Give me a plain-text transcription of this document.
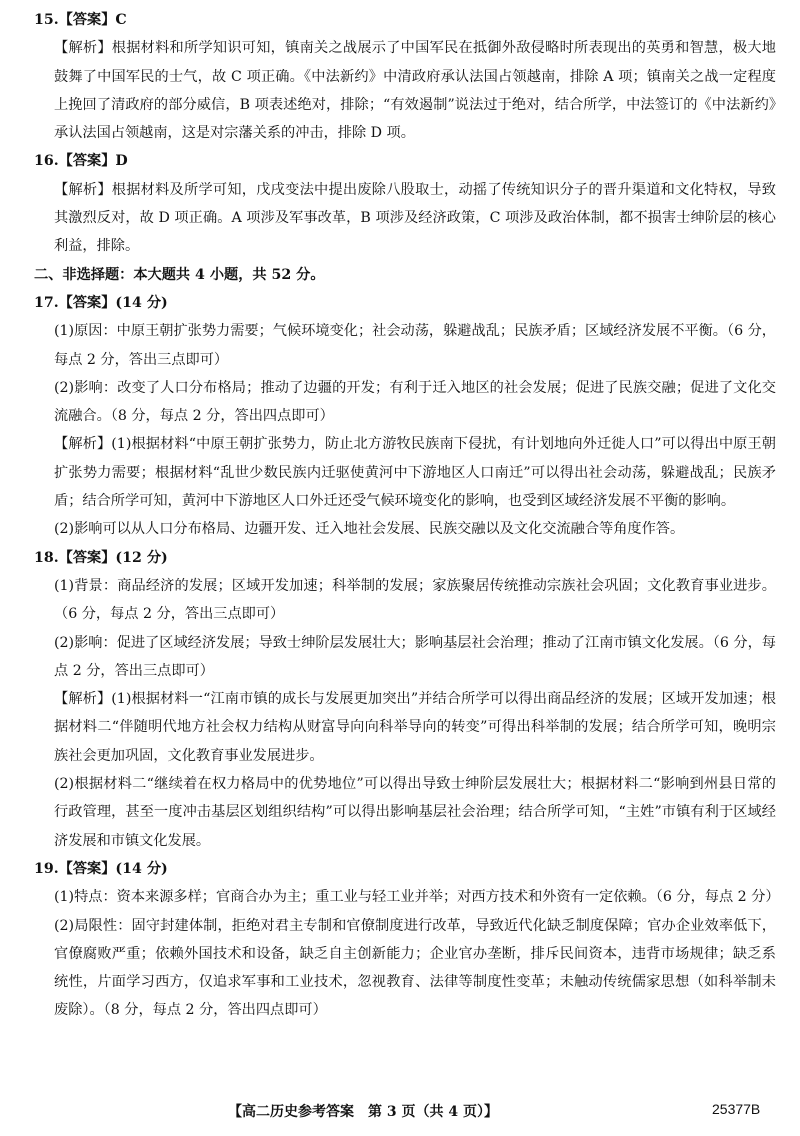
15.【答案】C

【解析】根据材料和所学知识可知，镇南关之战展示了中国军民在抵御外敌侵略时所表现出的英勇和智慧，极大地鼓舞了中国军民的士气，故 C 项正确。《中法新约》中清政府承认法国占领越南，排除 A 项；镇南关之战一定程度上挽回了清政府的部分威信，B 项表述绝对，排除；“有效遏制”说法过于绝对，结合所学，中法签订的《中法新约》承认法国占领越南，这是对宗藩关系的冲击，排除 D 项。

16.【答案】D

【解析】根据材料及所学可知，戊戌变法中提出废除八股取士，动摇了传统知识分子的晋升渠道和文化特权，导致其激烈反对，故 D 项正确。A 项涉及军事改革，B 项涉及经济政策，C 项涉及政治体制，都不损害士绅阶层的核心利益，排除。

二、非选择题：本大题共 4 小题，共 52 分。

17.【答案】(14 分)

(1)原因：中原王朝扩张势力需要；气候环境变化；社会动荡，躲避战乱；民族矛盾；区域经济发展不平衡。（6 分，每点 2 分，答出三点即可）

(2)影响：改变了人口分布格局；推动了边疆的开发；有利于迁入地区的社会发展；促进了民族交融；促进了文化交流融合。（8 分，每点 2 分，答出四点即可）

【解析】(1)根据材料“中原王朝扩张势力，防止北方游牧民族南下侵扰，有计划地向外迁徙人口”可以得出中原王朝扩张势力需要；根据材料“乱世少数民族内迁驱使黄河中下游地区人口南迁”可以得出社会动荡，躲避战乱；民族矛盾；结合所学可知，黄河中下游地区人口外迁还受气候环境变化的影响，也受到区域经济发展不平衡的影响。

(2)影响可以从人口分布格局、边疆开发、迁入地社会发展、民族交融以及文化交流融合等角度作答。

18.【答案】(12 分)

(1)背景：商品经济的发展；区域开发加速；科举制的发展；家族聚居传统推动宗族社会巩固；文化教育事业进步。（6 分，每点 2 分，答出三点即可）

(2)影响：促进了区域经济发展；导致士绅阶层发展壮大；影响基层社会治理；推动了江南市镇文化发展。（6 分，每点 2 分，答出三点即可）

【解析】(1)根据材料一“江南市镇的成长与发展更加突出”并结合所学可以得出商品经济的发展；区域开发加速；根据材料二“伴随明代地方社会权力结构从财富导向向科举导向的转变”可得出科举制的发展；结合所学可知，晚明宗族社会更加巩固，文化教育事业发展进步。

(2)根据材料二“继续着在权力格局中的优势地位”可以得出导致士绅阶层发展壮大；根据材料二“影响到州县日常的行政管理，甚至一度冲击基层区划组织结构”可以得出影响基层社会治理；结合所学可知，“主姓”市镇有利于区域经济发展和市镇文化发展。

19.【答案】(14 分)

(1)特点：资本来源多样；官商合办为主；重工业与轻工业并举；对西方技术和外资有一定依赖。（6 分，每点 2 分）

(2)局限性：固守封建体制，拒绝对君主专制和官僚制度进行改革，导致近代化缺乏制度保障；官办企业效率低下，官僚腐败严重；依赖外国技术和设备，缺乏自主创新能力；企业官办垄断，排斥民间资本，违背市场规律；缺乏系统性，片面学习西方，仅追求军事和工业技术，忽视教育、法律等制度性变革；未触动传统儒家思想（如科举制未废除）。（8 分，每点 2 分，答出四点即可）

【高二历史参考答案　第 3 页（共 4 页）】	25377B
